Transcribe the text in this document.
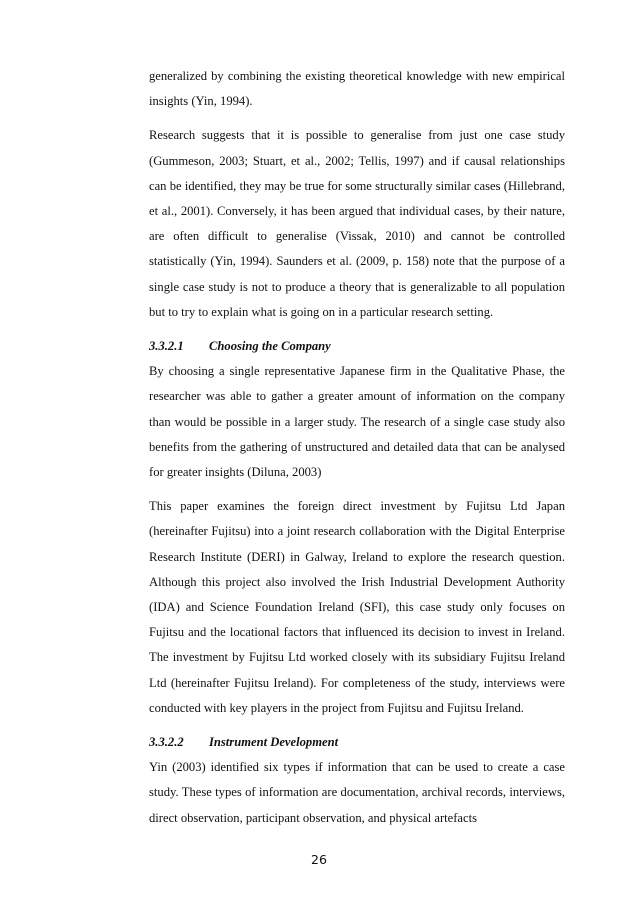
generalized by combining the existing theoretical knowledge with new empirical insights (Yin, 1994).

Research suggests that it is possible to generalise from just one case study (Gummeson, 2003; Stuart, et al., 2002; Tellis, 1997) and if causal relationships can be identified, they may be true for some structurally similar cases (Hillebrand, et al., 2001). Conversely, it has been argued that individual cases, by their nature, are often difficult to generalise (Vissak, 2010) and cannot be controlled statistically (Yin, 1994). Saunders et al. (2009, p. 158) note that the purpose of a single case study is not to produce a theory that is generalizable to all population but to try to explain what is going on in a particular research setting.

3.3.2.1 Choosing the Company

By choosing a single representative Japanese firm in the Qualitative Phase, the researcher was able to gather a greater amount of information on the company than would be possible in a larger study. The research of a single case study also benefits from the gathering of unstructured and detailed data that can be analysed for greater insights (Diluna, 2003)

This paper examines the foreign direct investment by Fujitsu Ltd Japan (hereinafter Fujitsu) into a joint research collaboration with the Digital Enterprise Research Institute (DERI) in Galway, Ireland to explore the research question. Although this project also involved the Irish Industrial Development Authority (IDA) and Science Foundation Ireland (SFI), this case study only focuses on Fujitsu and the locational factors that influenced its decision to invest in Ireland. The investment by Fujitsu Ltd worked closely with its subsidiary Fujitsu Ireland Ltd (hereinafter Fujitsu Ireland). For completeness of the study, interviews were conducted with key players in the project from Fujitsu and Fujitsu Ireland.

3.3.2.2 Instrument Development

Yin (2003) identified six types if information that can be used to create a case study. These types of information are documentation, archival records, interviews, direct observation, participant observation, and physical artefacts

26
